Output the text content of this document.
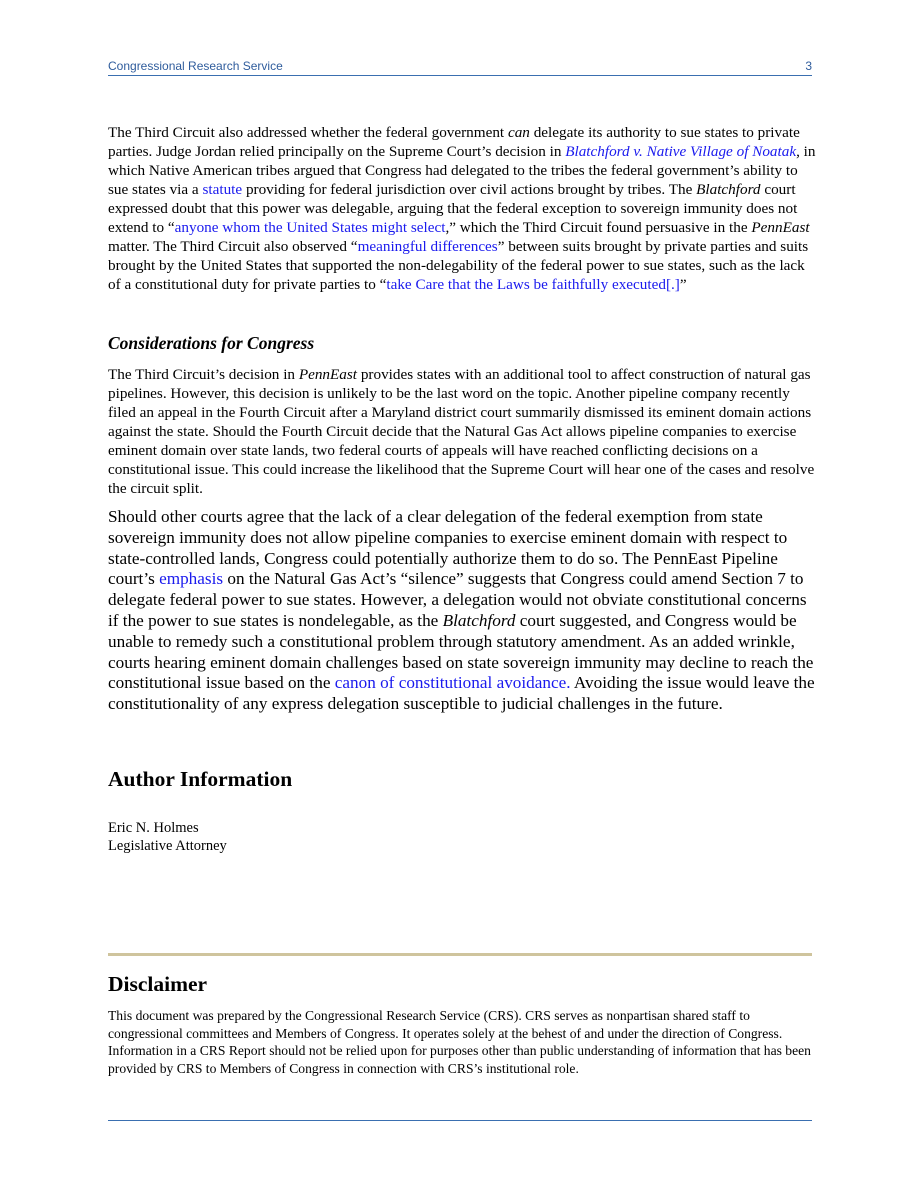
Congressional Research Service	3

The Third Circuit also addressed whether the federal government can delegate its authority to sue states to private parties. Judge Jordan relied principally on the Supreme Court’s decision in Blatchford v. Native Village of Noatak, in which Native American tribes argued that Congress had delegated to the tribes the federal government’s ability to sue states via a statute providing for federal jurisdiction over civil actions brought by tribes. The Blatchford court expressed doubt that this power was delegable, arguing that the federal exception to sovereign immunity does not extend to “anyone whom the United States might select,” which the Third Circuit found persuasive in the PennEast matter. The Third Circuit also observed “meaningful differences” between suits brought by private parties and suits brought by the United States that supported the non-delegability of the federal power to sue states, such as the lack of a constitutional duty for private parties to “take Care that the Laws be faithfully executed[.]”

Considerations for Congress

The Third Circuit’s decision in PennEast provides states with an additional tool to affect construction of natural gas pipelines. However, this decision is unlikely to be the last word on the topic. Another pipeline company recently filed an appeal in the Fourth Circuit after a Maryland district court summarily dismissed its eminent domain actions against the state. Should the Fourth Circuit decide that the Natural Gas Act allows pipeline companies to exercise eminent domain over state lands, two federal courts of appeals will have reached conflicting decisions on a constitutional issue. This could increase the likelihood that the Supreme Court will hear one of the cases and resolve the circuit split.

Should other courts agree that the lack of a clear delegation of the federal exemption from state sovereign immunity does not allow pipeline companies to exercise eminent domain with respect to state-controlled lands, Congress could potentially authorize them to do so. The PennEast Pipeline court’s emphasis on the Natural Gas Act’s “silence” suggests that Congress could amend Section 7 to delegate federal power to sue states. However, a delegation would not obviate constitutional concerns if the power to sue states is nondelegable, as the Blatchford court suggested, and Congress would be unable to remedy such a constitutional problem through statutory amendment. As an added wrinkle, courts hearing eminent domain challenges based on state sovereign immunity may decline to reach the constitutional issue based on the canon of constitutional avoidance. Avoiding the issue would leave the constitutionality of any express delegation susceptible to judicial challenges in the future.

Author Information
Eric N. Holmes
Legislative Attorney
Disclaimer

This document was prepared by the Congressional Research Service (CRS). CRS serves as nonpartisan shared staff to congressional committees and Members of Congress. It operates solely at the behest of and under the direction of Congress. Information in a CRS Report should not be relied upon for purposes other than public understanding of information that has been provided by CRS to Members of Congress in connection with CRS’s institutional role.
